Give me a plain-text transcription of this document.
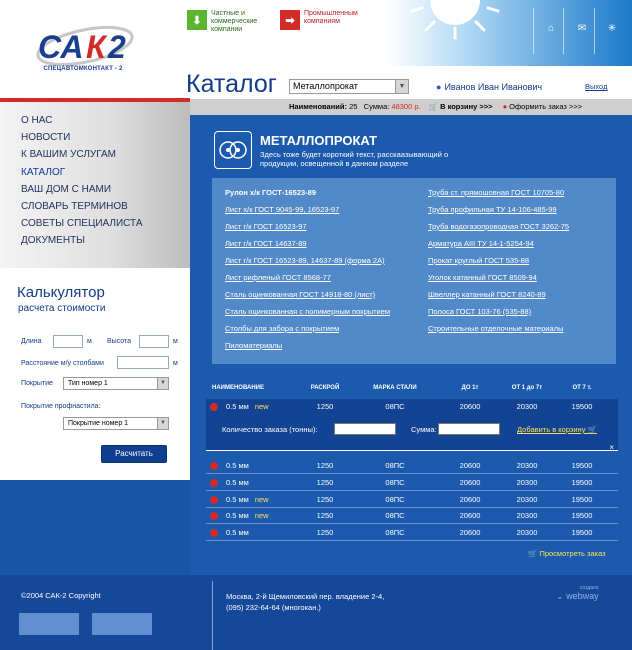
СА К 2
СПЕЦАВТОМКОНТАКТ - 2
⬇
Частные и коммерческие компании
➡
Промышленным компаниям
⌂	✉ ✳
Каталог	Металлопрокат	▼	● Иванов Иван Иванович	Выход
Наименований: 25 Сумма: 48300 р. 🛒 В корзину >>> ● Оформить заказ >>>
О НАС
НОВОСТИ
К ВАШИМ УСЛУГАМ
КАТАЛОГ
ВАШ ДОМ С НАМИ
СЛОВАРЬ ТЕРМИНОВ
СОВЕТЫ СПЕЦИАЛИСТА
ДОКУМЕНТЫ
Калькулятор
расчета стоимости
Длина	м Высота	м
Расстояние м/у столбами	м
Покрытие	Тип номер 1	▼
Покрытие профнастила:
Покрытие номер 1	▼
Расчитать
МЕТАЛЛОПРОКАТ
Здесь тоже будет короткий текст, расскаазывающий о продукции, освещенной в данном разделе
Рулон х/к ГОСТ-16523-89
Лист х/к ГОСТ 9045-99, 16523-97
Лист г/к ГОСТ 16523-97
Лист г/к ГОСТ 14637-89
Лист г/к ГОСТ 16523-89, 14637-89 (форма 2А)
Лист рифленый ГОСТ 8568-77
Сталь оцинкованная ГОСТ 14918-80 (лист)
Сталь оцинкованная с полимерным покрытием
Столбы для забора с покрытием
Пиломатериалы
Труба ст. прямошовная ГОСТ 10705-80
Труба профильная ТУ 14-106-485-99
Труба водогазопроводная ГОСТ 3262-75
Арматура АIII ТУ 14-1-5254-94
Прокат круглый ГОСТ 535-88
Уголок катанный ГОСТ 8509-94
Швеллер катанный ГОСТ 8240-89
Полоса ГОСТ 103-76 (535-88)
Строительные отделочные материалы
НАИМЕНОВАНИЕ	РАСКРОЙ	МАРКА СТАЛИ	ДО 1т	ОТ 1 до 7т	ОТ 7 т.
0.5 мм new	1250	08ПС	20600	20300	19500
Количество заказа (тонны):	Сумма:	Добавить в корзину 🛒
×
0.5 мм	1250	08ПС	20600	20300	19500
0.5 мм	1250	08ПС	20600	20300	19500
0.5 мм new	1250	08ПС	20600	20300	19500
0.5 мм new	1250	08ПС	20600	20300	19500
0.5 мм	1250	08ПС	20600	20300	19500
🛒 Просмотреть заказ
©2004 САК-2 Copyright	Москва, 2-й Щемиловский пер. владение 2-4,
(095) 232-64-64 (многокан.)
создано
⌄ webway
